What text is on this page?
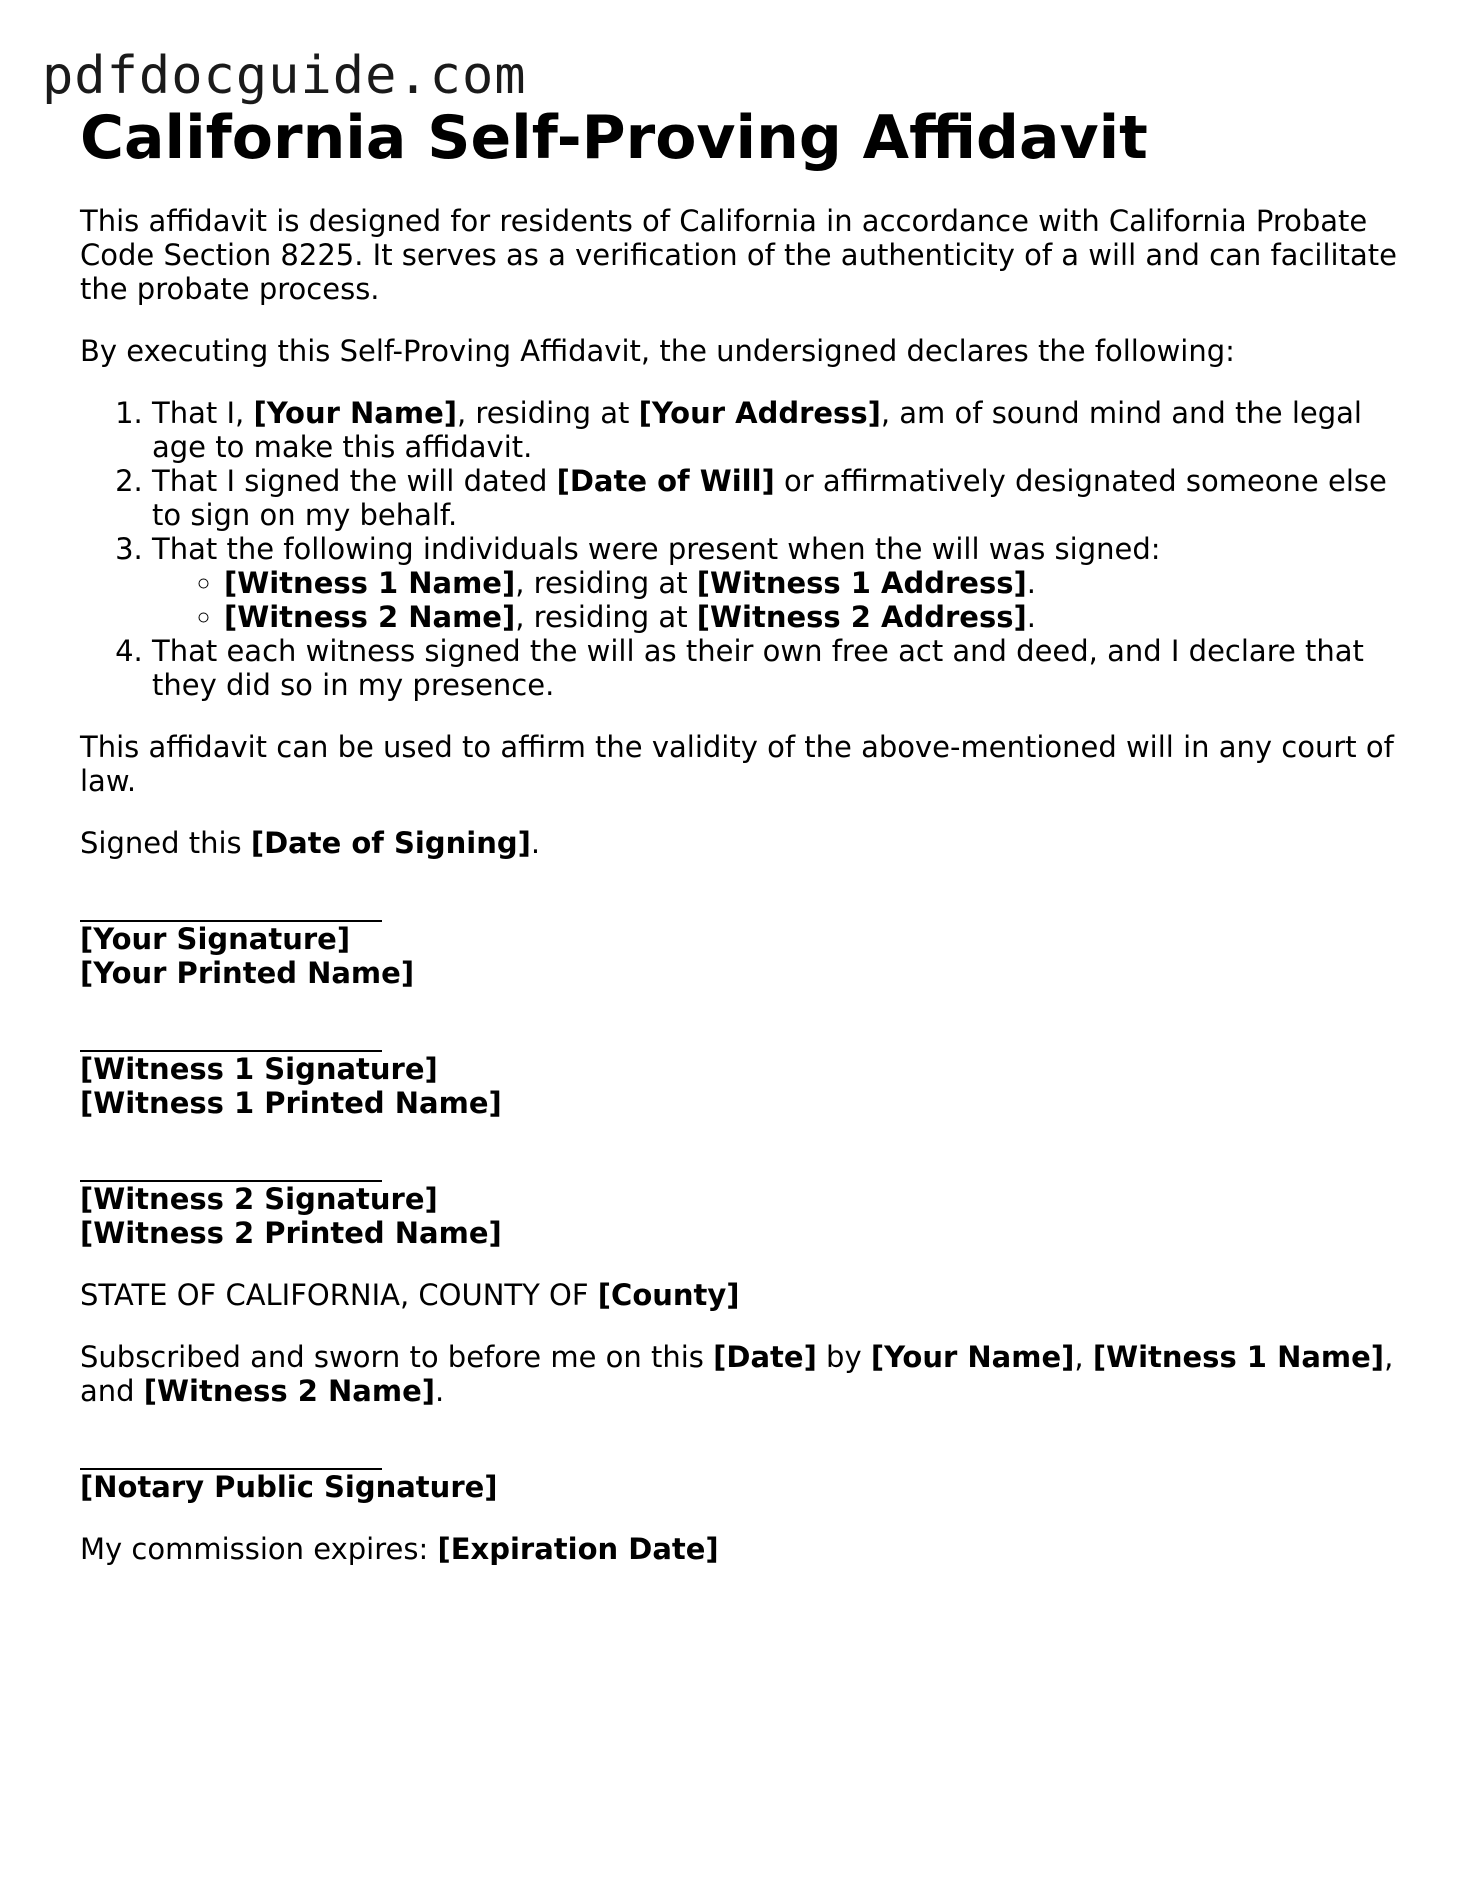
pdfdocguide.com
California Self-Proving Affidavit

This affidavit is designed for residents of California in accordance with California Probate Code Section 8225. It serves as a verification of the authenticity of a will and can facilitate the probate process.

By executing this Self-Proving Affidavit, the undersigned declares the following:

1. That I, [Your Name], residing at [Your Address], am of sound mind and the legal age to make this affidavit.
2. That I signed the will dated [Date of Will] or affirmatively designated someone else to sign on my behalf.
3. That the following individuals were present when the will was signed:
◦ [Witness 1 Name], residing at [Witness 1 Address].
◦ [Witness 2 Name], residing at [Witness 2 Address].
4. That each witness signed the will as their own free act and deed, and I declare that they did so in my presence.

This affidavit can be used to affirm the validity of the above-mentioned will in any court of law.

Signed this [Date of Signing].

[Your Signature]
[Your Printed Name]
[Witness 1 Signature]
[Witness 1 Printed Name]
[Witness 2 Signature]
[Witness 2 Printed Name]

STATE OF CALIFORNIA, COUNTY OF [County]

Subscribed and sworn to before me on this [Date] by [Your Name], [Witness 1 Name], and [Witness 2 Name].

[Notary Public Signature]

My commission expires: [Expiration Date]
